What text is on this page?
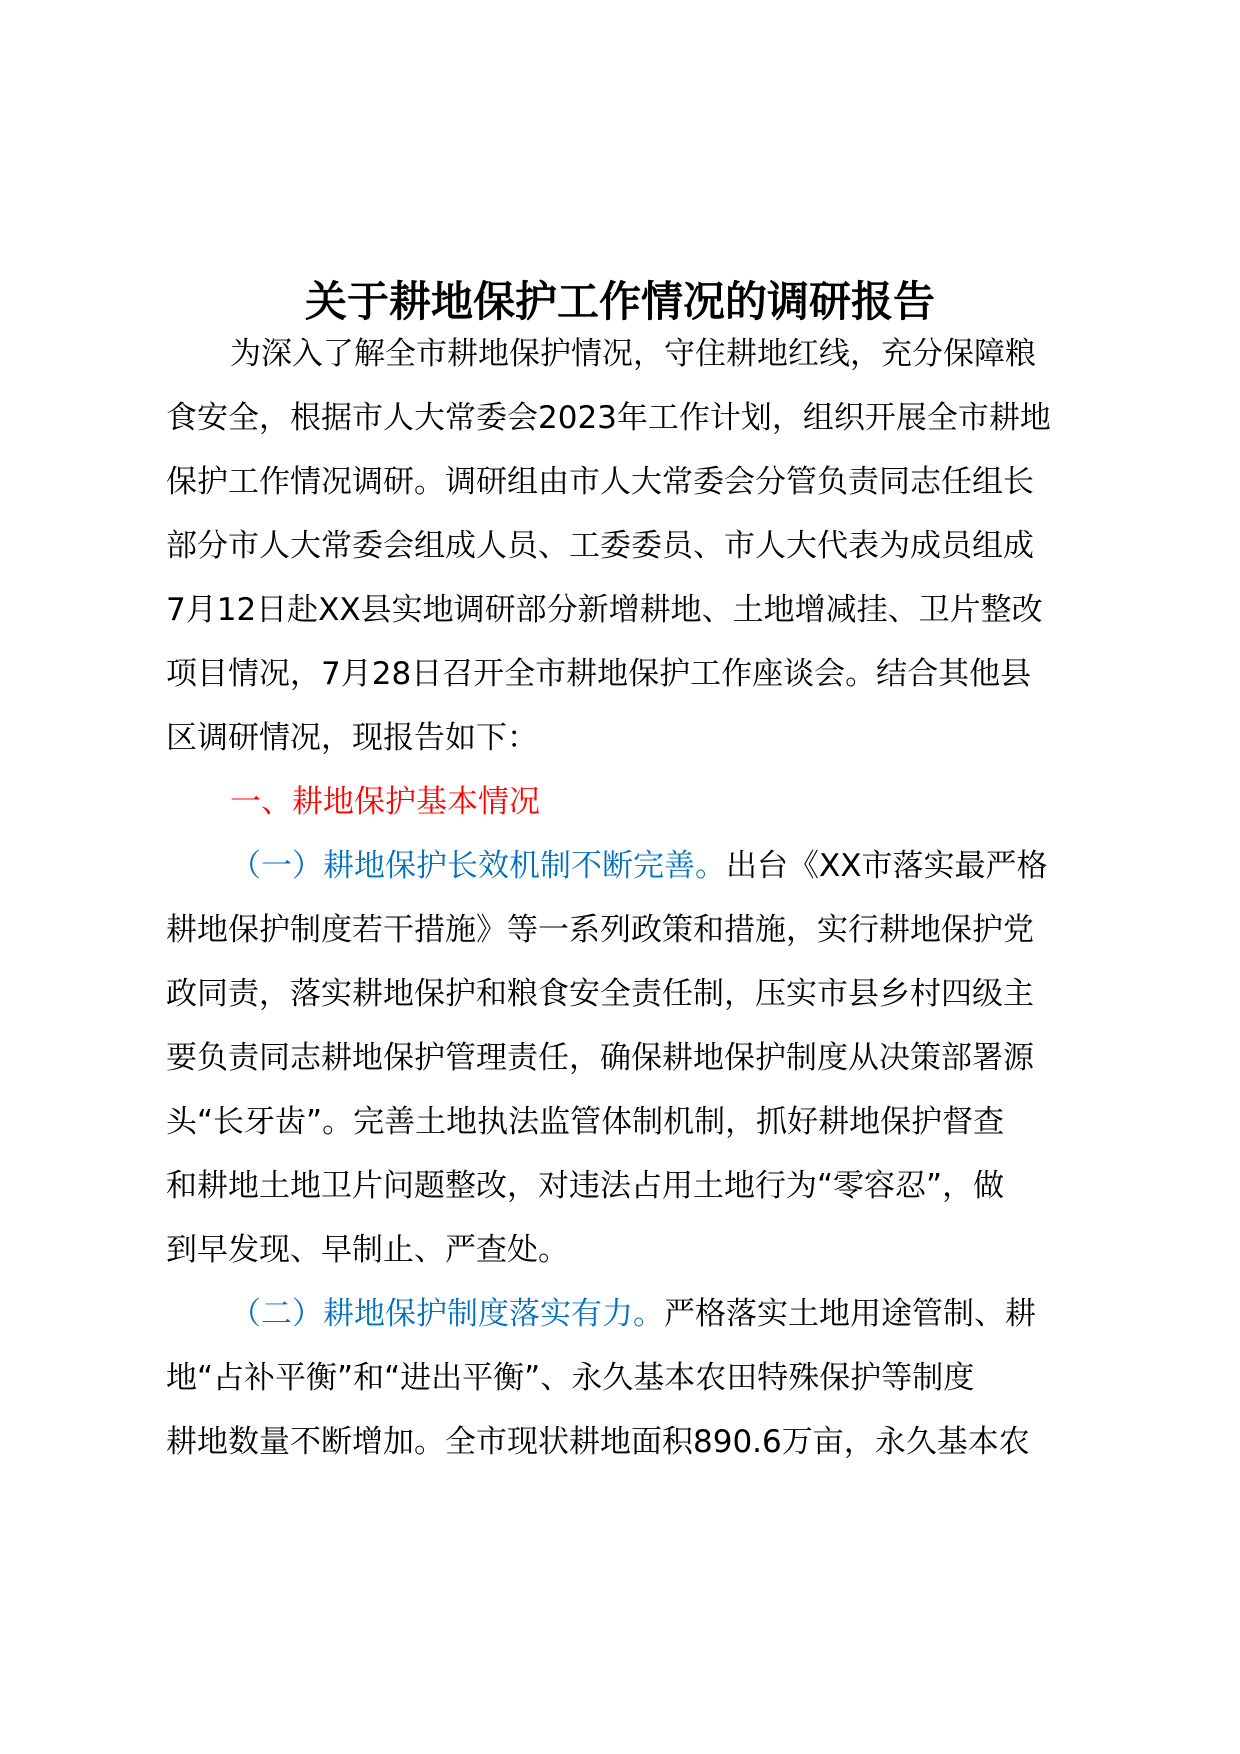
关于耕地保护工作情况的调研报告
为深入了解全市耕地保护情况，守住耕地红线，充分保障粮
食安全，根据市人大常委会2023年工作计划，组织开展全市耕地
保护工作情况调研。调研组由市人大常委会分管负责同志任组长
部分市人大常委会组成人员、工委委员、市人大代表为成员组成
7月12日赴XX县实地调研部分新增耕地、土地增减挂、卫片整改
项目情况，7月28日召开全市耕地保护工作座谈会。结合其他县
区调研情况，现报告如下：
一、耕地保护基本情况
（一）耕地保护长效机制不断完善。出台《XX市落实最严格
耕地保护制度若干措施》等一系列政策和措施，实行耕地保护党
政同责，落实耕地保护和粮食安全责任制，压实市县乡村四级主
要负责同志耕地保护管理责任，确保耕地保护制度从决策部署源
头“长牙齿”。完善土地执法监管体制机制，抓好耕地保护督查
和耕地土地卫片问题整改，对违法占用土地行为“零容忍”，做
到早发现、早制止、严查处。
（二）耕地保护制度落实有力。严格落实土地用途管制、耕
地“占补平衡”和“进出平衡”、永久基本农田特殊保护等制度
耕地数量不断增加。全市现状耕地面积890.6万亩，永久基本农
